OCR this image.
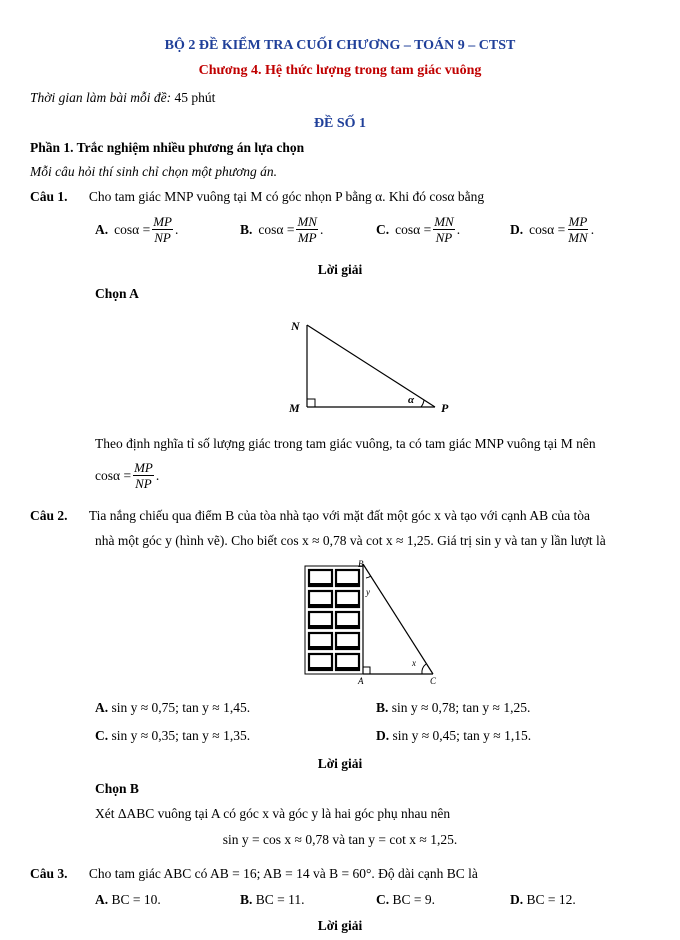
BỘ 2 ĐỀ KIỂM TRA CUỐI CHƯƠNG – TOÁN 9 – CTST
Chương 4. Hệ thức lượng trong tam giác vuông
Thời gian làm bài mỗi đề: 45 phút
ĐỀ SỐ 1
Phần 1. Trắc nghiệm nhiều phương án lựa chọn
Mỗi câu hỏi thí sinh chỉ chọn một phương án.
Câu 1. Cho tam giác MNP vuông tại M có góc nhọn P bằng α. Khi đó cosα bằng
A. $\cos\alpha = \frac{MP}{NP}$ .	B. $\cos\alpha = \frac{MN}{MP}$ .	C. $\cos\alpha = \frac{MN}{NP}$ .	D. $\cos\alpha = \frac{MP}{MN}$ .
Lời giải
Chọn A
N
M	P
α
Theo định nghĩa tỉ số lượng giác trong tam giác vuông, ta có tam giác MNP vuông tại M nên
$\cos\alpha = \frac{MP}{NP}$ .
Câu 2. Tia nắng chiếu qua điểm B của tòa nhà tạo với mặt đất một góc x và tạo với cạnh AB của tòa
nhà một góc y (hình vẽ). Cho biết cos x ≈ 0,78 và cot x ≈ 1,25. Giá trị sin y và tan y lần lượt là
B
A	C
y
x
A. sin y ≈ 0,75; tan y ≈ 1,45.	B. sin y ≈ 0,78; tan y ≈ 1,25.
C. sin y ≈ 0,35; tan y ≈ 1,35.	D. sin y ≈ 0,45; tan y ≈ 1,15.
Lời giải
Chọn B
Xét ΔABC vuông tại A có góc x và góc y là hai góc phụ nhau nên
sin y = cos x ≈ 0,78 và tan y = cot x ≈ 1,25.
Câu 3. Cho tam giác ABC có AB = 16; AB = 14 và B = 60°. Độ dài cạnh BC là
A. BC = 10.	B. BC = 11.	C. BC = 9.	D. BC = 12.
Lời giải
